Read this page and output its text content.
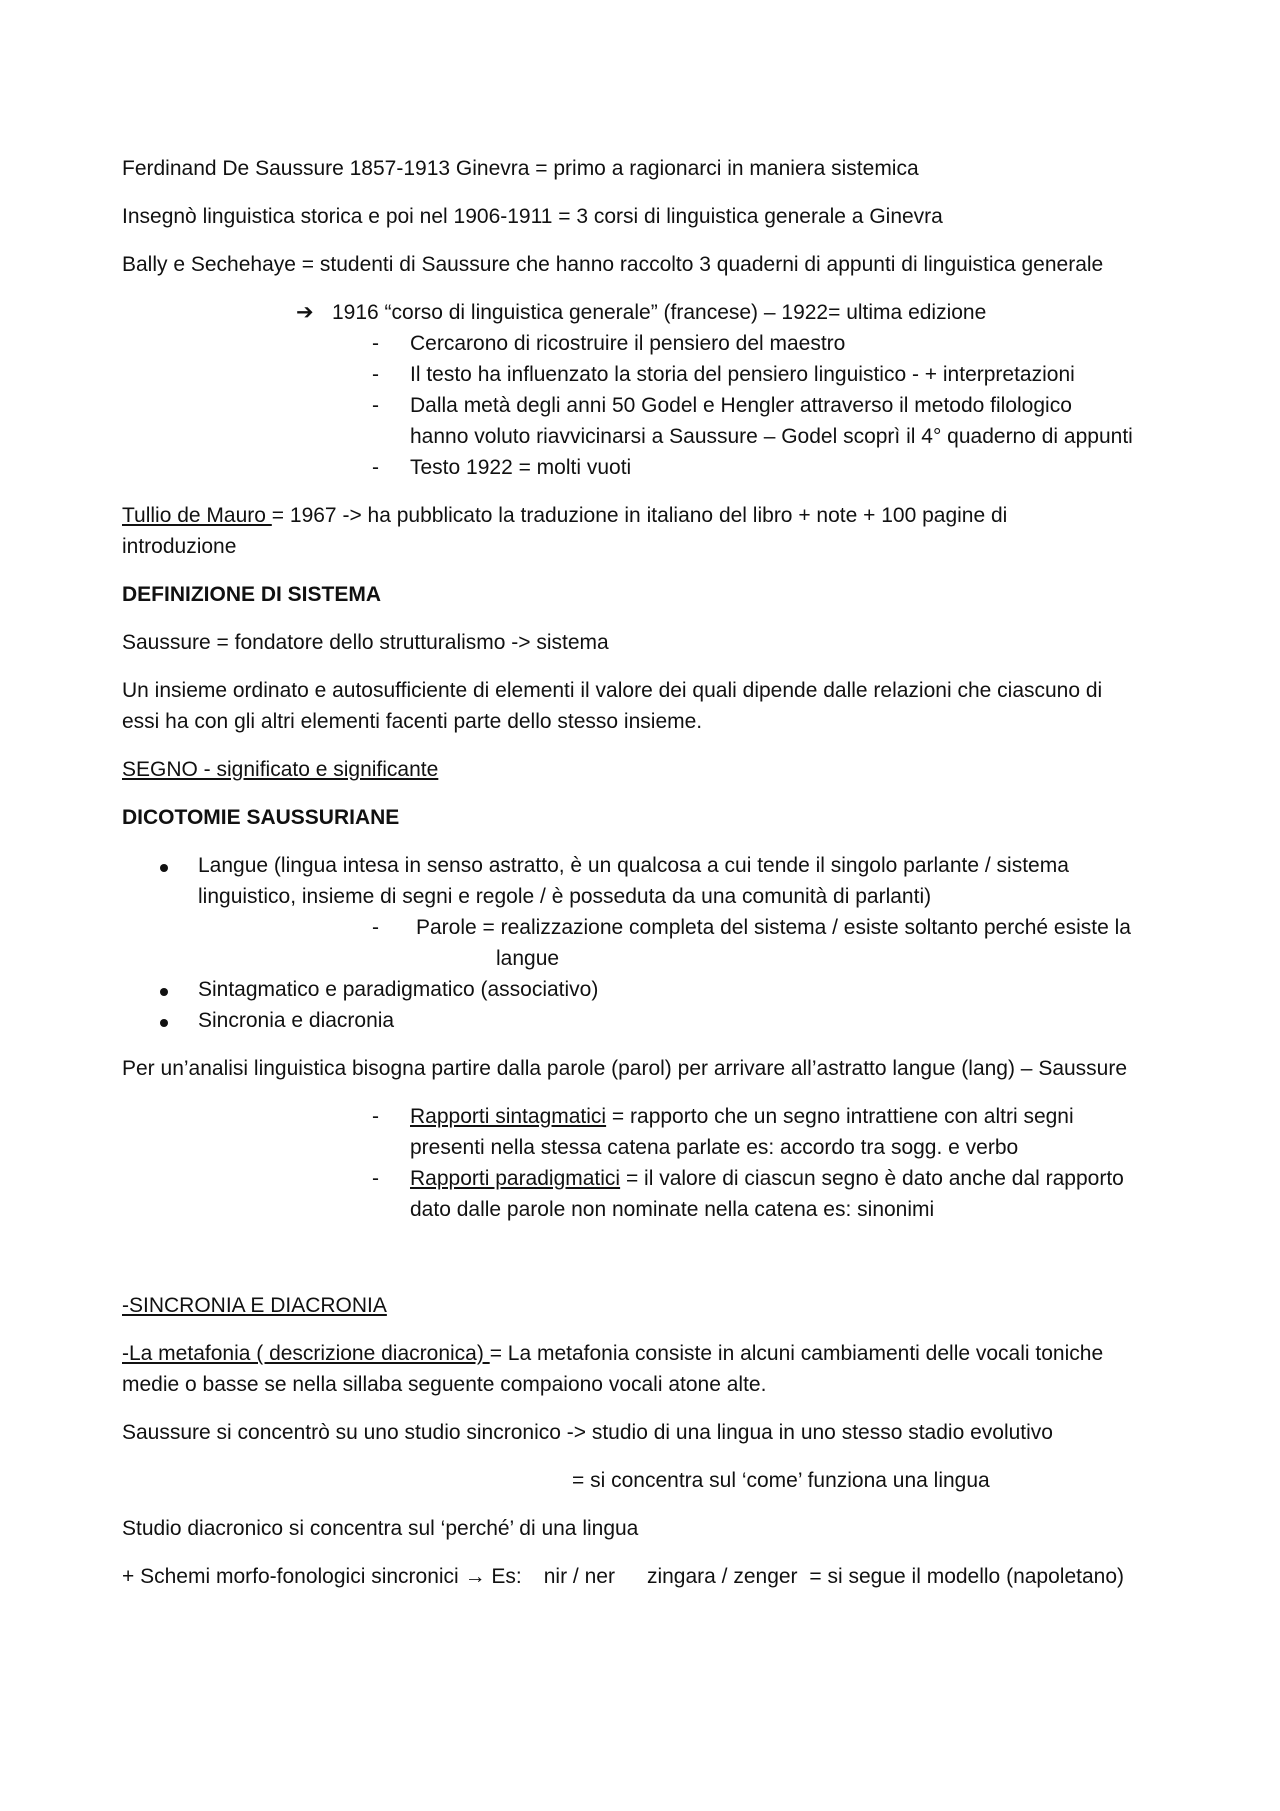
Ferdinand De Saussure 1857-1913 Ginevra = primo a ragionarci in maniera sistemica
Insegnò linguistica storica e poi nel 1906-1911 = 3 corsi di linguistica generale a Ginevra
Bally e Sechehaye = studenti di Saussure che hanno raccolto 3 quaderni di appunti di linguistica generale
➔ 1916 “corso di linguistica generale” (francese) – 1922= ultima edizione
- Cercarono di ricostruire il pensiero del maestro
- Il testo ha influenzato la storia del pensiero linguistico - + interpretazioni
- Dalla metà degli anni 50 Godel e Hengler attraverso il metodo filologico
hanno voluto riavvicinarsi a Saussure – Godel scoprì il 4° quaderno di appunti
- Testo 1922 = molti vuoti
Tullio de Mauro = 1967 -> ha pubblicato la traduzione in italiano del libro + note + 100 pagine di
introduzione
DEFINIZIONE DI SISTEMA
Saussure = fondatore dello strutturalismo -> sistema
Un insieme ordinato e autosufficiente di elementi il valore dei quali dipende dalle relazioni che ciascuno di
essi ha con gli altri elementi facenti parte dello stesso insieme.
SEGNO - significato e significante
DICOTOMIE SAUSSURIANE
Langue (lingua intesa in senso astratto, è un qualcosa a cui tende il singolo parlante / sistema
linguistico, insieme di segni e regole / è posseduta da una comunità di parlanti)
- Parole = realizzazione completa del sistema / esiste soltanto perché esiste la
langue
Sintagmatico e paradigmatico (associativo)
Sincronia e diacronia
Per un’analisi linguistica bisogna partire dalla parole (parol) per arrivare all’astratto langue (lang) – Saussure
- Rapporti sintagmatici = rapporto che un segno intrattiene con altri segni
presenti nella stessa catena parlate es: accordo tra sogg. e verbo
- Rapporti paradigmatici = il valore di ciascun segno è dato anche dal rapporto
dato dalle parole non nominate nella catena es: sinonimi
-SINCRONIA E DIACRONIA
-La metafonia ( descrizione diacronica) = La metafonia consiste in alcuni cambiamenti delle vocali toniche
medie o basse se nella sillaba seguente compaiono vocali atone alte.
Saussure si concentrò su uno studio sincronico -> studio di una lingua in uno stesso stadio evolutivo
= si concentra sul ‘come’ funziona una lingua
Studio diacronico si concentra sul ‘perché’ di una lingua
+ Schemi morfo-fonologici sincronici → Es: nir / ner zingara / zenger = si segue il modello (napoletano)
